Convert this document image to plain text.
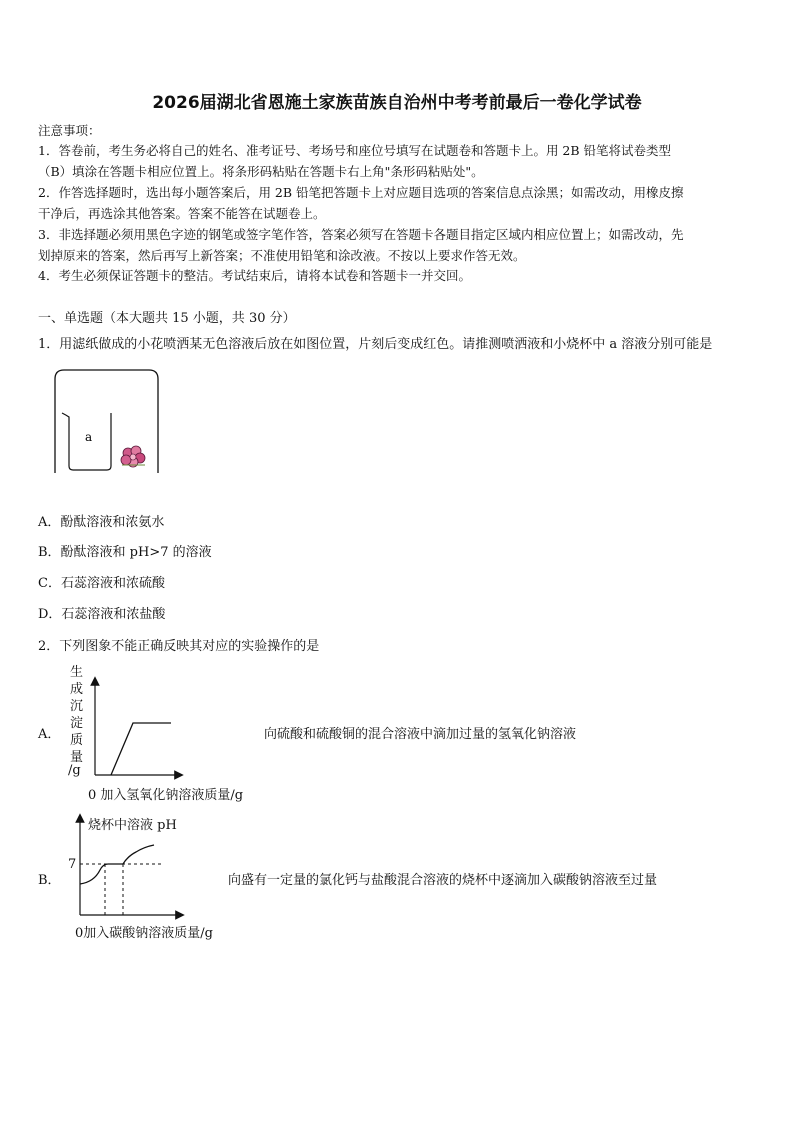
2026届湖北省恩施土家族苗族自治州中考考前最后一卷化学试卷
注意事项：
1．答卷前，考生务必将自己的姓名、准考证号、考场号和座位号填写在试题卷和答题卡上。用 2B 铅笔将试卷类型
（B）填涂在答题卡相应位置上。将条形码粘贴在答题卡右上角"条形码粘贴处"。
2．作答选择题时，选出每小题答案后，用 2B 铅笔把答题卡上对应题目选项的答案信息点涂黑；如需改动，用橡皮擦
干净后，再选涂其他答案。答案不能答在试题卷上。
3．非选择题必须用黑色字迹的钢笔或签字笔作答，答案必须写在答题卡各题目指定区域内相应位置上；如需改动，先
划掉原来的答案，然后再写上新答案；不准使用铅笔和涂改液。不按以上要求作答无效。
4．考生必须保证答题卡的整洁。考试结束后，请将本试卷和答题卡一并交回。
一、单选题（本大题共 15 小题，共 30 分）
1．用滤纸做成的小花喷洒某无色溶液后放在如图位置，片刻后变成红色。请推测喷洒液和小烧杯中 a 溶液分别可能是
a
A．酚酞溶液和浓氨水
B．酚酞溶液和 pH>7 的溶液
C．石蕊溶液和浓硫酸
D．石蕊溶液和浓盐酸
2．下列图象不能正确反映其对应的实验操作的是
A．
生
成
沉
淀
质
量
/g
0 加入氢氧化钠溶液质量/g
向硫酸和硫酸铜的混合溶液中滴加过量的氢氧化钠溶液
B．
烧杯中溶液 pH
7
0加入碳酸钠溶液质量/g
向盛有一定量的氯化钙与盐酸混合溶液的烧杯中逐滴加入碳酸钠溶液至过量
